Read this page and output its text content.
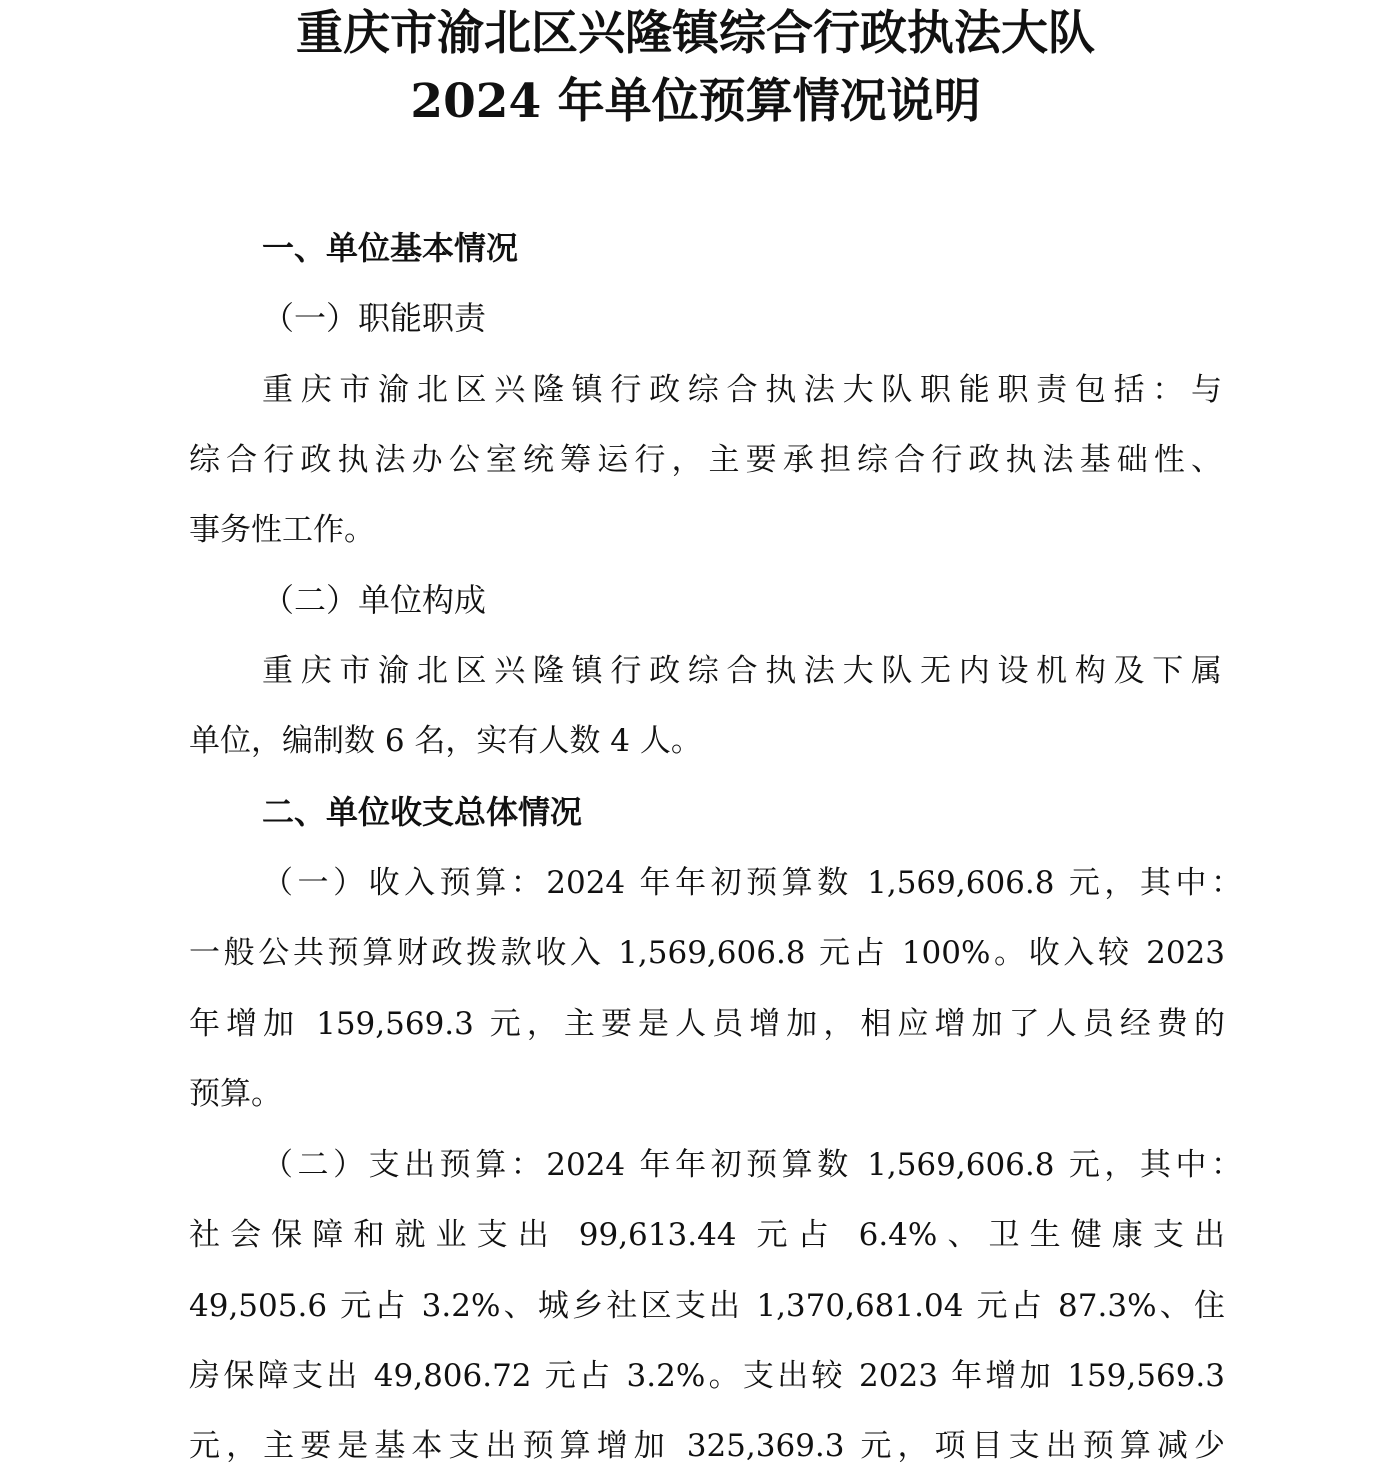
重庆市渝北区兴隆镇综合行政执法大队
2024 年单位预算情况说明
一、单位基本情况
（一）职能职责
重庆市渝北区兴隆镇行政综合执法大队职能职责包括：与
综合行政执法办公室统筹运行，主要承担综合行政执法基础性、
事务性工作。
（二）单位构成
重庆市渝北区兴隆镇行政综合执法大队无内设机构及下属
单位，编制数 6 名，实有人数 4 人。
二、单位收支总体情况
（一）收入预算：2024 年年初预算数 1,569,606.8 元，其中：
一般公共预算财政拨款收入 1,569,606.8 元占 100%。收入较 2023
年增加 159,569.3 元，主要是人员增加，相应增加了人员经费的
预算。
（二）支出预算：2024 年年初预算数 1,569,606.8 元，其中：
社会保障和就业支出 99,613.44 元占 6.4%、卫生健康支出
49,505.6 元占 3.2%、城乡社区支出 1,370,681.04 元占 87.3%、住
房保障支出 49,806.72 元占 3.2%。支出较 2023 年增加 159,569.3
元，主要是基本支出预算增加 325,369.3 元，项目支出预算减少
